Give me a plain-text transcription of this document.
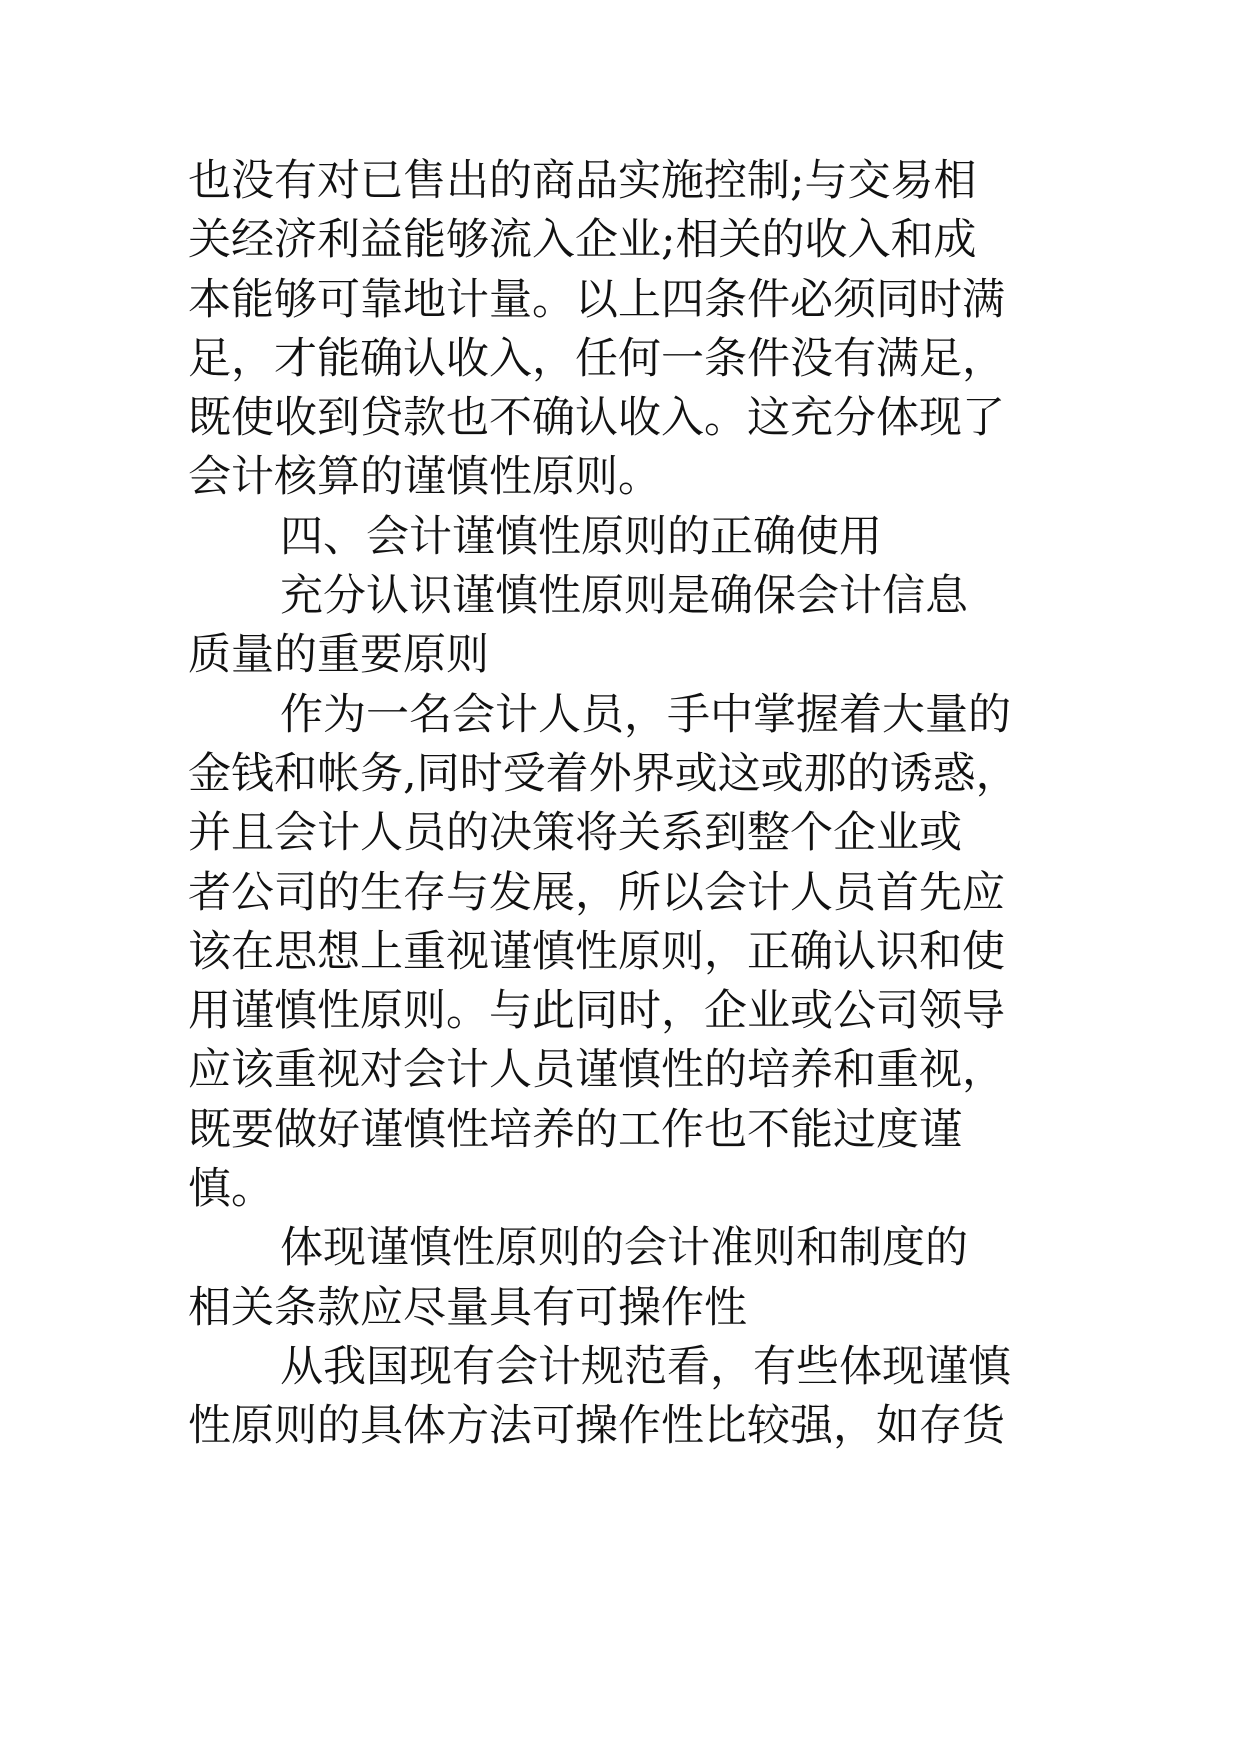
也没有对已售出的商品实施控制;与交易相
关经济利益能够流入企业;相关的收入和成
本能够可靠地计量。以上四条件必须同时满
足，才能确认收入，任何一条件没有满足，
既使收到贷款也不确认收入。这充分体现了
会计核算的谨慎性原则。
四、会计谨慎性原则的正确使用
充分认识谨慎性原则是确保会计信息
质量的重要原则
作为一名会计人员，手中掌握着大量的
金钱和帐务,同时受着外界或这或那的诱惑，
并且会计人员的决策将关系到整个企业或
者公司的生存与发展，所以会计人员首先应
该在思想上重视谨慎性原则，正确认识和使
用谨慎性原则。与此同时，企业或公司领导
应该重视对会计人员谨慎性的培养和重视，
既要做好谨慎性培养的工作也不能过度谨
慎。
体现谨慎性原则的会计准则和制度的
相关条款应尽量具有可操作性
从我国现有会计规范看，有些体现谨慎
性原则的具体方法可操作性比较强，如存货
